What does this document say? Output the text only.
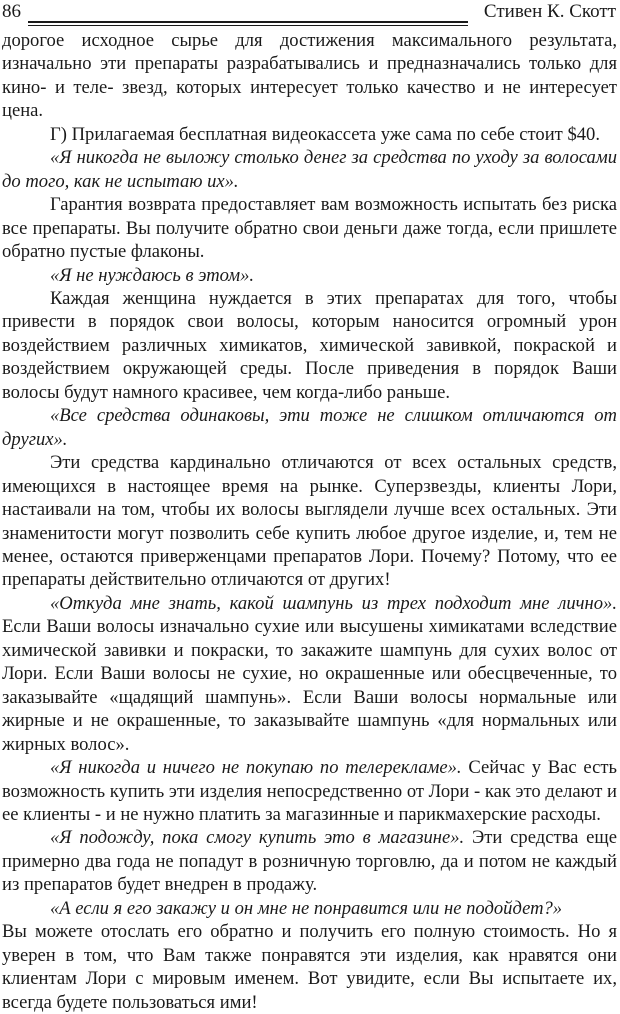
86	Стивен К. Скотт

дорогое исходное сырье для достижения максимального результата, изначально эти препараты разрабатывались и предназначались только для кино- и теле- звезд, которых интересует только качество и не интересует цена.

Г) Прилагаемая бесплатная видеокассета уже сама по себе стоит $40.

«Я никогда не выложу столько денег за средства по уходу за волосами до того, как не испытаю их».

Гарантия возврата предоставляет вам возможность испытать без риска все препараты. Вы получите обратно свои деньги даже тогда, если пришлете обратно пустые флаконы.

«Я не нуждаюсь в этом».

Каждая женщина нуждается в этих препаратах для того, чтобы привести в порядок свои волосы, которым наносится огромный урон воздействием различных химикатов, химической завивкой, покраской и воздействием окружающей среды. После приведения в порядок Ваши волосы будут намного красивее, чем когда-либо раньше.

«Все средства одинаковы, эти тоже не слишком отличаются от других».

Эти средства кардинально отличаются от всех остальных средств, имеющихся в настоящее время на рынке. Суперзвезды, клиенты Лори, настаивали на том, чтобы их волосы выглядели лучше всех остальных. Эти знаменитости могут позволить себе купить любое другое изделие, и, тем не менее, остаются приверженцами препаратов Лори. Почему? Потому, что ее препараты действительно отличаются от других!

«Откуда мне знать, какой шампунь из трех подходит мне лично». Если Ваши волосы изначально сухие или высушены химикатами вследствие химической завивки и покраски, то закажите шампунь для сухих волос от Лори. Если Ваши волосы не сухие, но окрашенные или обесцвеченные, то заказывайте «щадящий шампунь». Если Ваши волосы нормальные или жирные и не окрашенные, то заказывайте шампунь «для нормальных или жирных волос».

«Я никогда и ничего не покупаю по телерекламе». Сейчас у Вас есть возможность купить эти изделия непосредственно от Лори - как это делают и ее клиенты - и не нужно платить за магазинные и парикмахерские расходы.

«Я подожду, пока смогу купить это в магазине». Эти средства еще примерно два года не попадут в розничную торговлю, да и потом не каждый из препаратов будет внедрен в продажу.

«А если я его закажу и он мне не понравится или не подойдет?»

Вы можете отослать его обратно и получить его полную стоимость. Но я уверен в том, что Вам также понравятся эти изделия, как нравятся они клиентам Лори с мировым именем. Вот увидите, если Вы испытаете их, всегда будете пользоваться ими!
